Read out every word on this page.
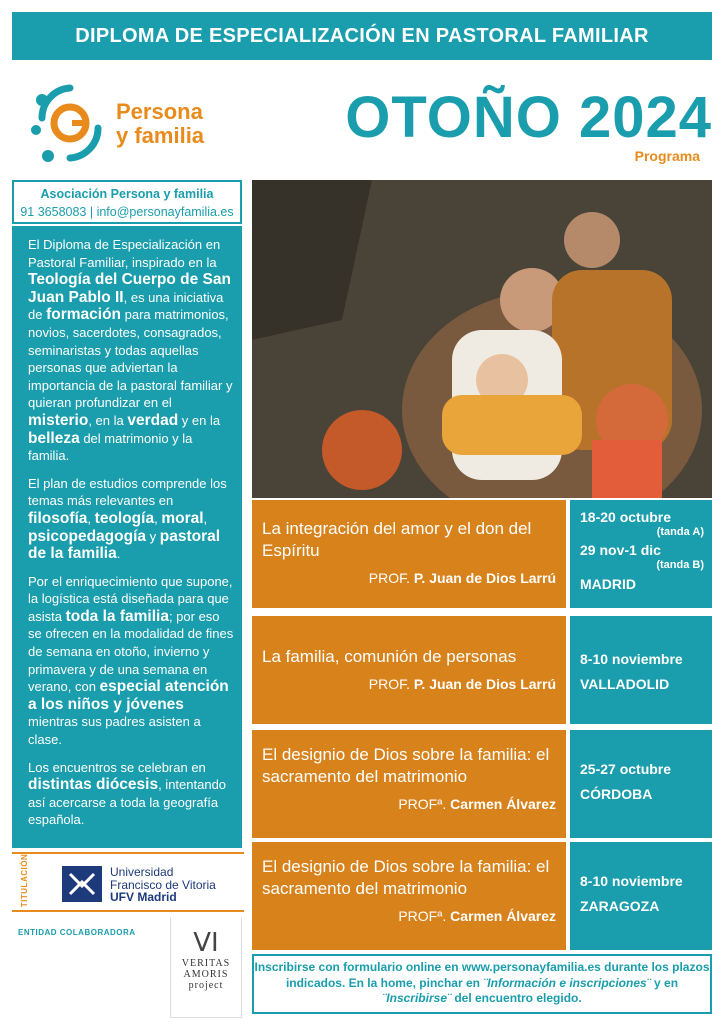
DIPLOMA DE ESPECIALIZACIÓN EN PASTORAL FAMILIAR
Persona
y familia	OTOÑO 2024
Programa
Asociación Persona y familia
91 3658083 | info@personayfamilia.es

El Diploma de Especialización en Pastoral Familiar, inspirado en la Teología del Cuerpo de San Juan Pablo II, es una iniciativa de formación para matrimonios, novios, sacerdotes, consagrados, seminaristas y todas aquellas personas que adviertan la importancia de la pastoral familiar y quieran profundizar en el misterio, en la verdad y en la belleza del matrimonio y la familia.

El plan de estudios comprende los temas más relevantes en filosofía, teología, moral, psicopedagogía y pastoral de la familia.

Por el enriquecimiento que supone, la logística está diseñada para que asista toda la familia; por eso se ofrecen en la modalidad de fines de semana en otoño, invierno y primavera y de una semana en verano, con especial atención a los niños y jóvenes mientras sus padres asisten a clase.

Los encuentros se celebran en distintas diócesis, intentando así acercarse a toda la geografía española.

TITULACIÓN	Universidad
Francisco de Vitoria
UFV Madrid
ENTIDAD COLABORADORA	ⅤⅠ
VERITAS
AMORIS
project
La integración del amor y el don del Espíritu
PROF. P. Juan de Dios Larrú
18-20 octubre
(tanda A)
29 nov-1 dic
(tanda B)
MADRID
La familia, comunión de personas
PROF. P. Juan de Dios Larrú
8-10 noviembre
VALLADOLID
El designio de Dios sobre la familia: el sacramento del matrimonio
PROFª. Carmen Álvarez
25-27 octubre
CÓRDOBA
El designio de Dios sobre la familia: el sacramento del matrimonio
PROFª. Carmen Álvarez
8-10 noviembre
ZARAGOZA
Inscribirse con formulario online en www.personayfamilia.es durante los plazos indicados. En la home, pinchar en ¨Información e inscripciones¨ y en ¨Inscribirse¨ del encuentro elegido.
